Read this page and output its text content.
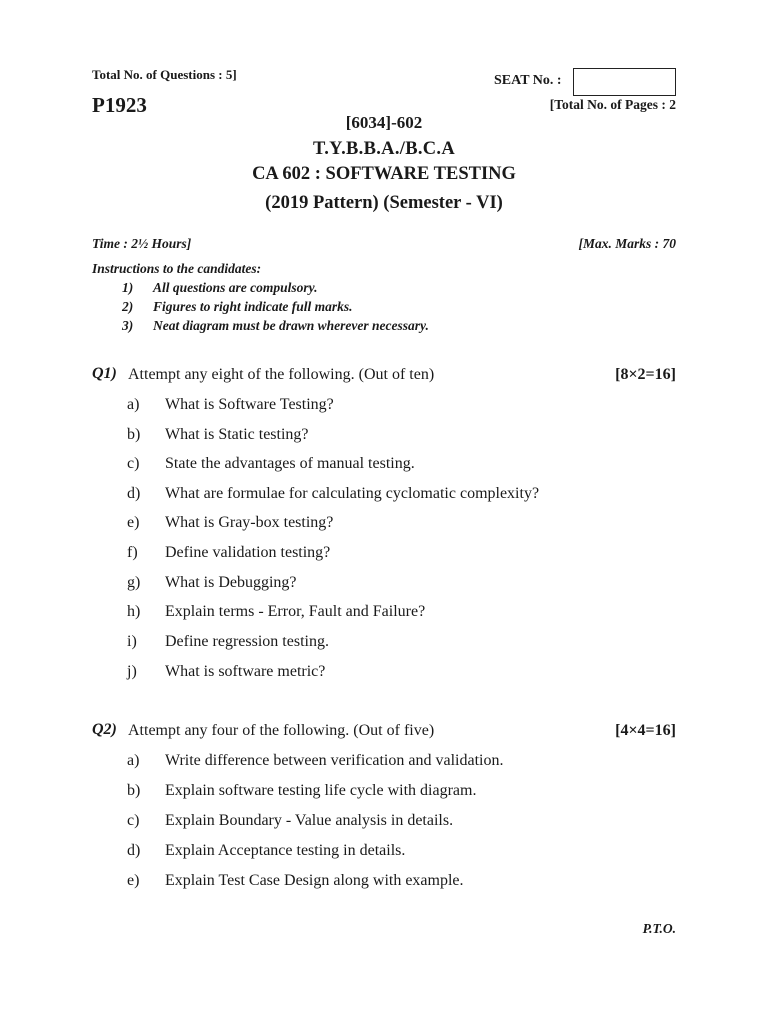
Total No. of Questions : 5]
P1923
SEAT No. :
[Total No. of Pages : 2
[6034]-602
T.Y.B.B.A./B.C.A
CA 602 : SOFTWARE TESTING
(2019 Pattern) (Semester - VI)
Time : 2½ Hours]	[Max. Marks : 70
Instructions to the candidates:
1) All questions are compulsory.
2) Figures to right indicate full marks.
3) Neat diagram must be drawn wherever necessary.
Q1) Attempt any eight of the following. (Out of ten)	[8×2=16]
a) What is Software Testing?
b) What is Static testing?
c) State the advantages of manual testing.
d) What are formulae for calculating cyclomatic complexity?
e) What is Gray-box testing?
f) Define validation testing?
g) What is Debugging?
h) Explain terms - Error, Fault and Failure?
i) Define regression testing.
j) What is software metric?
Q2) Attempt any four of the following. (Out of five)	[4×4=16]
a) Write difference between verification and validation.
b) Explain software testing life cycle with diagram.
c) Explain Boundary - Value analysis in details.
d) Explain Acceptance testing in details.
e) Explain Test Case Design along with example.
P.T.O.
